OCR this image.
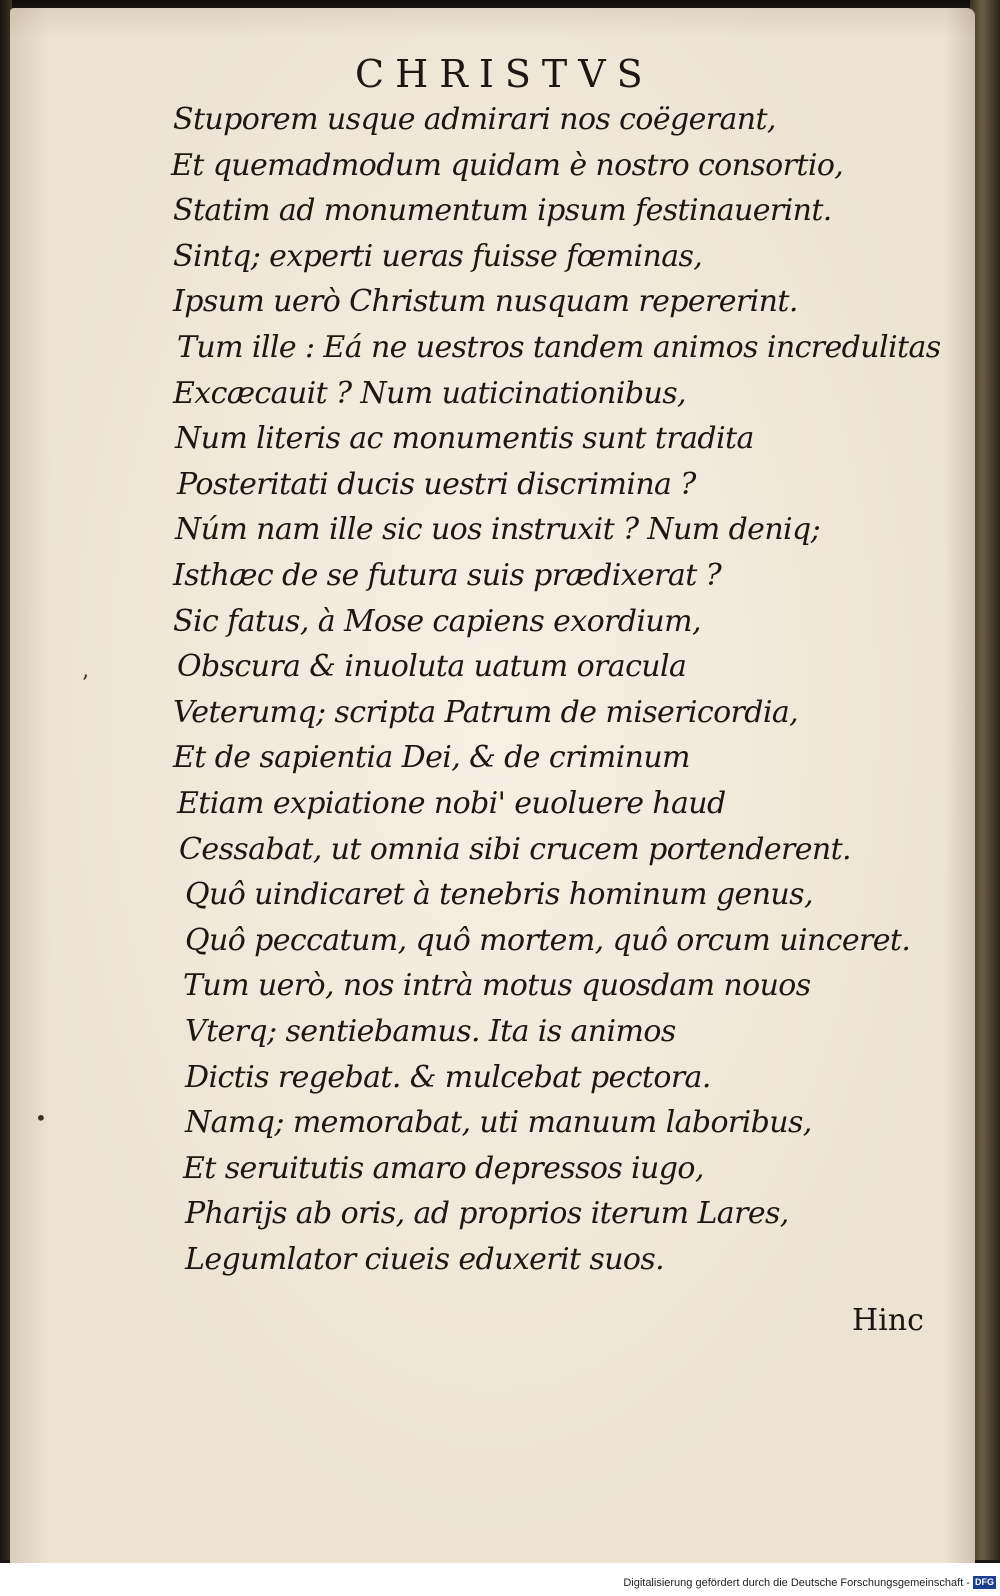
CHRISTVS
Stuporem usque admirari nos coëgerant,
Et quemadmodum quidam è nostro consortio,
Statim ad monumentum ipsum festinauerint.
Sintq; experti ueras fuisse fœminas,
Ipsum uerò Christum nusquam repererint.
Tum ille : Eá ne uestros tandem animos incredulitas
Excæcauit ? Num uaticinationibus,
Num literis ac monumentis sunt tradita
Posteritati ducis uestri discrimina ?
Núm nam ille sic uos instruxit ? Num deniq;
Isthæc de se futura suis prædixerat ?
Sic fatus, à Mose capiens exordium,
Obscura & inuoluta uatum oracula
Veterumq; scripta Patrum de misericordia,
Et de sapientia Dei, & de criminum
Etiam expiatione nobi' euoluere haud
Cessabat, ut omnia sibi crucem portenderent.
Quô uindicaret à tenebris hominum genus,
Quô peccatum, quô mortem, quô orcum uinceret.
Tum uerò, nos intrà motus quosdam nouos
Vterq; sentiebamus. Ita is animos
Dictis regebat. & mulcebat pectora.
Namq; memorabat, uti manuum laboribus,
Et seruitutis amaro depressos iugo,
Pharijs ab oris, ad proprios iterum Lares,
Legumlator ciueis eduxerit suos.
Hinc
ʼ
•
Digitalisierung gefördert durch die Deutsche Forschungsgemeinschaft - DFG
